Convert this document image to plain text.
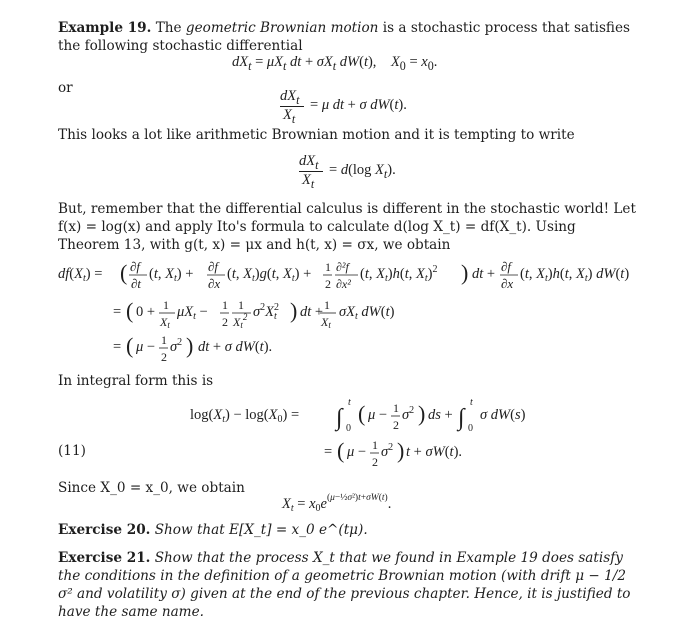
Example 19. The geometric Brownian motion is a stochastic process that satisfies the following stochastic differential
$dX_t = \mu X_t$ dt + $\sigma X_t$ dW(t),    $X_0 = x_0$.
or	$dX_t$
$X_t$
= μ dt + σ dW(t).
This looks a lot like arithmetic Brownian motion and it is tempting to write
$dX_t$
$X_t$
= d(log $X_t$).
But, remember that the differential calculus is different in the stochastic world! Let f(x) = log(x) and apply Ito's formula to calculate d(log X_t) = df(X_t). Using Theorem 13, with g(t, x) = μx and h(t, x) = σx, we obtain
$df(X_t)$ = ( ∂f
∂t
(t, $X_t) + \partial f$
∂x
(t, $X_t)g(t$, $X_t) + 1$
2
∂²f
∂x²
(t, $X_t)h(t$, $X_t)^2$ ) dt + ∂f
∂x
(t, $X_t)h(t$, $X_t$) dW(t)
= ( 0 + 1
Xt
$\mu X_t - 1$
2
1
Xt$^2$ $\sigma^2X^2$ t ) dt + 1
Xt
$\sigma X_t$ dW(t)
= ( μ − 1
2
$\sigma^2$ ) dt + σ dW(t).
In integral form this is
(11)
$\log(X_t) - \log(X_0)$ = ∫
t
0
( μ − 1
2
$\sigma^2$ ) ds + ∫
t
0
σ dW(s)
= ( μ − 1
2
$\sigma^2$ ) t + σW(t).
Since X_0 = x_0, we obtain
$X_t = x_0e^{(\mu-\frac{1}{2}\sigma^2)t+\sigma W(t)}$.
Exercise 20. Show that E[X_t] = x_0 e^(tμ).
Exercise 21. Show that the process X_t that we found in Example 19 does satisfy the conditions in the definition of a geometric Brownian motion (with drift μ − 1/2 σ² and volatility σ) given at the end of the previous chapter. Hence, it is justified to have the same name.
